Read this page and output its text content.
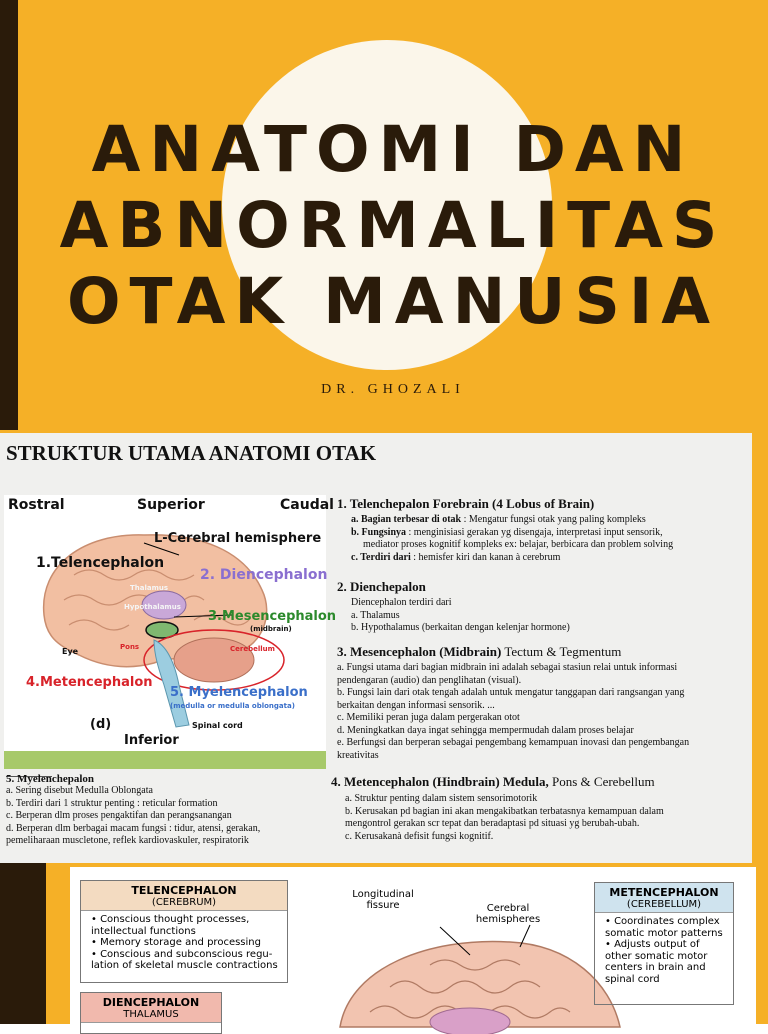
ANATOMI DAN
ABNORMALITAS
OTAK MANUSIA
DR. GHOZALI
STRUKTUR UTAMA ANATOMI OTAK
Rostral	Superior	Caudal
L-Cerebral hemisphere
1.Telencephalon
2. Diencephalon
Thalamus
Hypothalamus
3.Mesencephalon
(midbrain)
Eye	Pons	Cerebellum
4.Metencephalon
5. Myelencephalon
(medulla or medulla oblongata)
(d)
Inferior
Spinal cord
5. Myelenchepalon
a. Sering disebut Medulla Oblongata
b. Terdiri dari 1 struktur penting : reticular formation
c. Berperan dlm proses pengaktifan dan perangsanangan
d. Berperan dlm berbagai macam fungsi : tidur, atensi, gerakan,
pemeliharaan muscletone, reflek kardiovaskuler, respiratorik
1. Telenchepalon Forebrain (4 Lobus of Brain)
a. Bagian terbesar di otak : Mengatur fungsi otak yang paling kompleks
b. Fungsinya : menginisiasi gerakan yg disengaja, interpretasi input sensorik,
mediator proses kognitif kompleks ex: belajar, berbicara dan problem solving
c. Terdiri dari : hemisfer kiri dan kanan à cerebrum
2. Dienchepalon
Diencephalon terdiri dari
a. Thalamus
b. Hypothalamus (berkaitan dengan kelenjar hormone)
3. Mesencephalon (Midbrain) Tectum & Tegmentum
a. Fungsi utama dari bagian midbrain ini adalah sebagai stasiun relai untuk informasi
pendengaran (audio) dan penglihatan (visual).
b. Fungsi lain dari otak tengah adalah untuk mengatur tanggapan dari rangsangan yang
berkaitan dengan informasi sensorik. ...
c. Memiliki peran juga dalam pergerakan otot
d. Meningkatkan daya ingat sehingga mempermudah dalam proses belajar
e. Berfungsi dan berperan sebagai pengembang kemampuan inovasi dan pengembangan
kreativitas
4. Metencephalon (Hindbrain) Medula, Pons & Cerebellum
a. Struktur penting dalam sistem sensorimotorik
b. Kerusakan pd bagian ini akan mengakibatkan terbatasnya kemampuan dalam
mengontrol gerakan scr tepat dan beradaptasi pd situasi yg berubah-ubah.
c. Kerusakanà defisit fungsi kognitif.
TELENCEPHALON
(CEREBRUM)
• Conscious thought processes, intellectual functions
• Memory storage and processing
• Conscious and subconscious regu-lation of skeletal muscle contractions
DIENCEPHALON
THALAMUS
Longitudinal fissure	Cerebral hemispheres
METENCEPHALON
(CEREBELLUM)
• Coordinates complex somatic motor patterns
• Adjusts output of other somatic motor centers in brain and spinal cord
